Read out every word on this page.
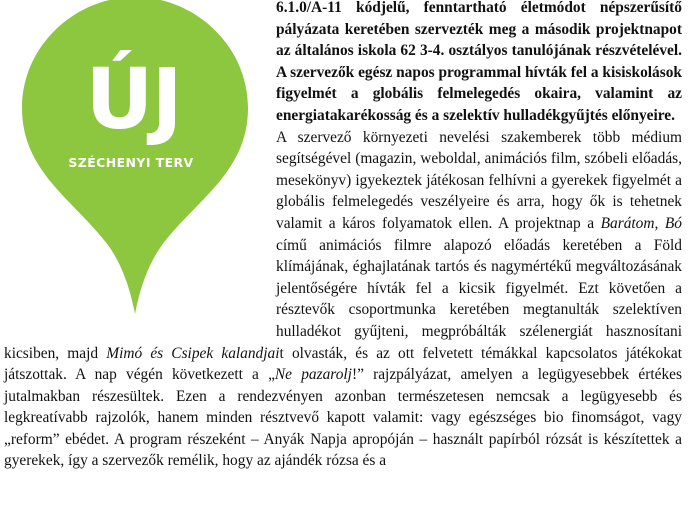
ÚJ
SZÉCHENYI TERV

6.1.0/A-11 kódjelű, fenntartható életmódot népszerűsítő pályázata keretében szervezték meg a második projektnapot az általános iskola 62 3-4. osztályos tanulójának részvételével. A szervezők egész napos programmal hívták fel a kisiskolások figyelmét a globális felmelegedés okaira, valamint az energiatakarékosság és a szelektív hulladékgyűjtés előnyeire.

A szervező környezeti nevelési szakemberek több médium segítségével (magazin, weboldal, animációs film, szóbeli előadás, mesekönyv) igyekeztek játékosan felhívni a gyerekek figyelmét a globális felmelegedés veszélyeire és arra, hogy ők is tehetnek valamit a káros folyamatok ellen. A projektnap a Barátom, Bó című animációs filmre alapozó előadás keretében a Föld klímájának, éghajlatának tartós és nagymértékű megváltozásának jelentőségére hívták fel a kicsik figyelmét. Ezt követően a résztevők csoportmunka keretében megtanulták szelektíven hulladékot gyűjteni, megpróbálták szélenergiát hasznosítani kicsiben, majd Mimó és Csipek kalandjait olvasták, és az ott felvetett témákkal kapcsolatos játékokat játszottak. A nap végén következett a „Ne pazarolj!” rajzpályázat, amelyen a legügyesebbek értékes jutalmakban részesültek. Ezen a rendezvényen azonban természetesen nemcsak a legügyesebb és legkreatívabb rajzolók, hanem minden résztvevő kapott valamit: vagy egészséges bio finomságot, vagy „reform” ebédet. A program részeként – Anyák Napja apropóján – használt papírból rózsát is készítettek a gyerekek, így a szervezők remélik, hogy az ajándék rózsa és a
